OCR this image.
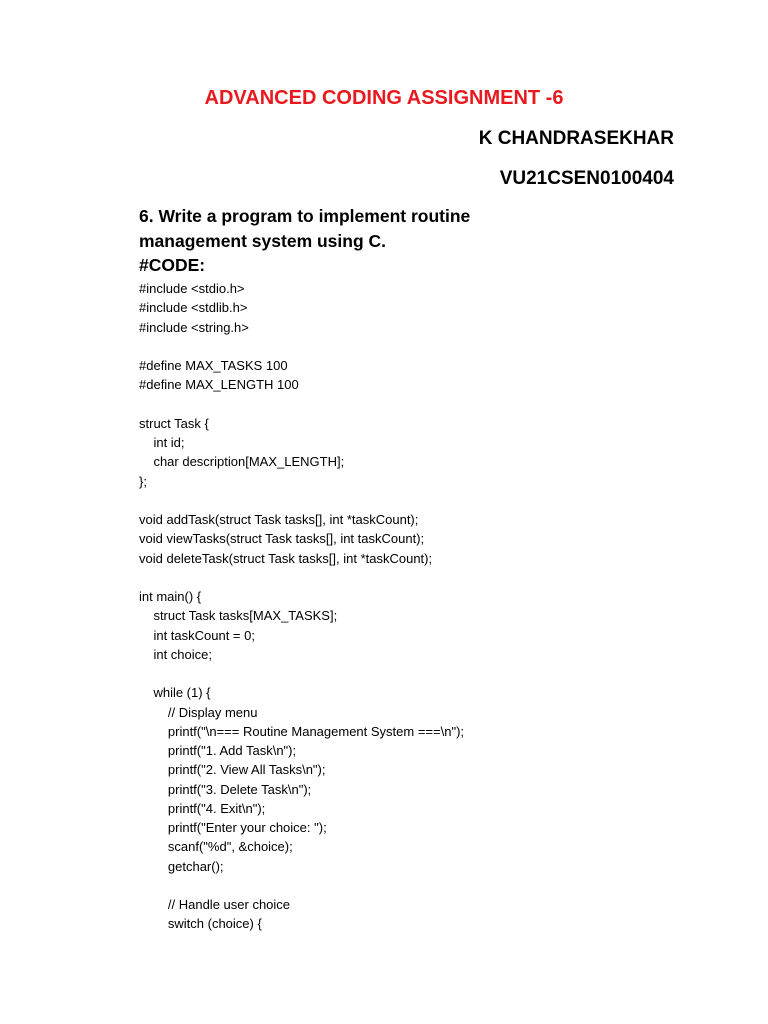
ADVANCED CODING ASSIGNMENT -6

K CHANDRASEKHAR

VU21CSEN0100404

6. Write a program to implement routine management system using C.

#CODE:

#include <stdio.h>
#include <stdlib.h>
#include <string.h>
#define MAX_TASKS 100
#define MAX_LENGTH 100
struct Task {
int id;
char description[MAX_LENGTH];
};
void addTask(struct Task tasks[], int *taskCount);
void viewTasks(struct Task tasks[], int taskCount);
void deleteTask(struct Task tasks[], int *taskCount);
int main() {
struct Task tasks[MAX_TASKS];
int taskCount = 0;
int choice;
while (1) {
// Display menu
printf("\n=== Routine Management System ===\n");
printf("1. Add Task\n");
printf("2. View All Tasks\n");
printf("3. Delete Task\n");
printf("4. Exit\n");
printf("Enter your choice: ");
scanf("%d", &choice);
getchar();
// Handle user choice
switch (choice) {
